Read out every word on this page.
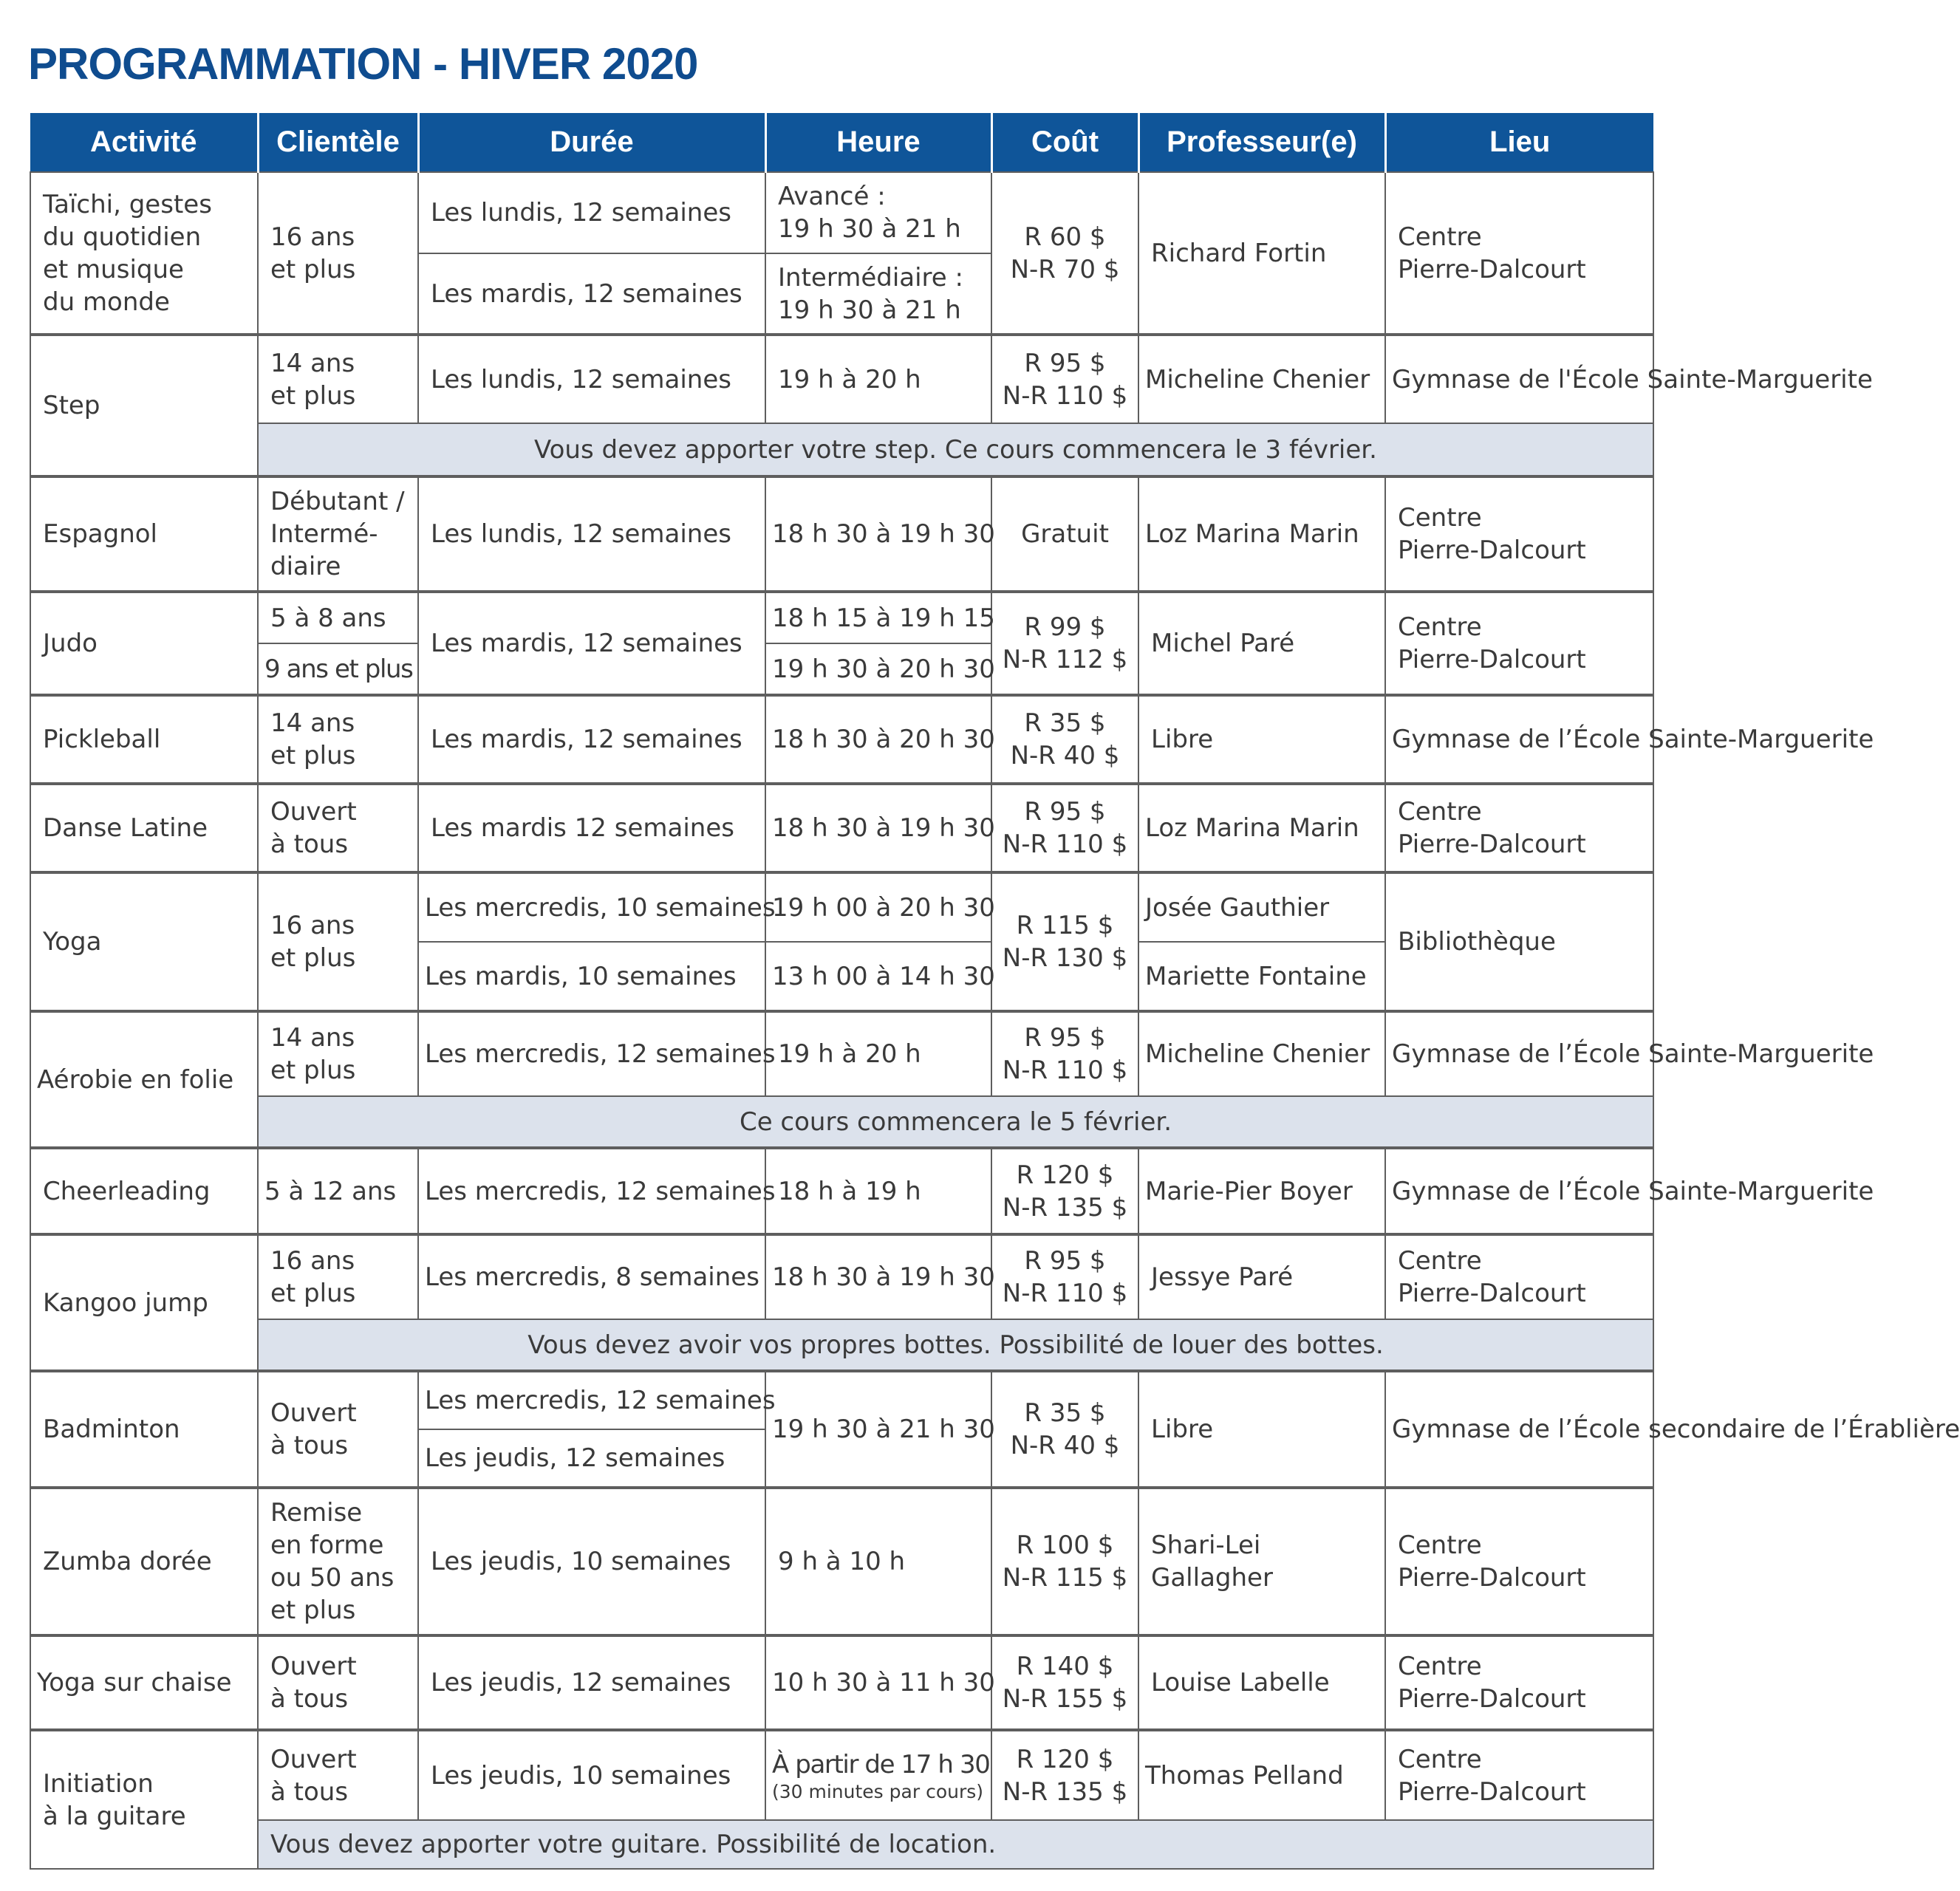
PROGRAMMATION - HIVER 2020
Activité	Clientèle	Durée	Heure	Coût	Professeur(e)	Lieu
Taïchi, gestes
du quotidien
et musique
du monde	16 ans
et plus	Les lundis, 12 semaines	Avancé :
19 h 30 à 21 h	R 60 $
N-R 70 $	Richard Fortin	Centre
Pierre-Dalcourt
		Les mardis, 12 semaines	Intermédiaire :
19 h 30 à 21 h			
Step	14 ans
et plus	Les lundis, 12 semaines	19 h à 20 h	R 95 $
N-R 110 $	Micheline Chenier	Gymnase de l'École Sainte-Marguerite
	Vous devez apporter votre step. Ce cours commencera le 3 février.					
Espagnol	Débutant /
Intermé-
diaire	Les lundis, 12 semaines	18 h 30 à 19 h 30	Gratuit	Loz Marina Marin	Centre
Pierre-Dalcourt
Judo	5 à 8 ans	Les mardis, 12 semaines	18 h 15 à 19 h 15	R 99 $
N-R 112 $	Michel Paré	Centre
Pierre-Dalcourt
	9 ans et plus		19 h 30 à 20 h 30			
Pickleball	14 ans
et plus	Les mardis, 12 semaines	18 h 30 à 20 h 30	R 35 $
N-R 40 $	Libre	Gymnase de l’École Sainte-Marguerite
Danse Latine	Ouvert
à tous	Les mardis 12 semaines	18 h 30 à 19 h 30	R 95 $
N-R 110 $	Loz Marina Marin	Centre
Pierre-Dalcourt
Yoga	16 ans
et plus	Les mercredis, 10 semaines	19 h 00 à 20 h 30	R 115 $
N-R 130 $	Josée Gauthier	Bibliothèque
		Les mardis, 10 semaines	13 h 00 à 14 h 30		Mariette Fontaine	
Aérobie en folie	14 ans
et plus	Les mercredis, 12 semaines	19 h à 20 h	R 95 $
N-R 110 $	Micheline Chenier	Gymnase de l’École Sainte-Marguerite
	Ce cours commencera le 5 février.					
Cheerleading	5 à 12 ans	Les mercredis, 12 semaines	18 h à 19 h	R 120 $
N-R 135 $	Marie-Pier Boyer	Gymnase de l’École Sainte-Marguerite
Kangoo jump	16 ans
et plus	Les mercredis, 8 semaines	18 h 30 à 19 h 30	R 95 $
N-R 110 $	Jessye Paré	Centre
Pierre-Dalcourt
	Vous devez avoir vos propres bottes. Possibilité de louer des bottes.					
Badminton	Ouvert
à tous	Les mercredis, 12 semaines	19 h 30 à 21 h 30	R 35 $
N-R 40 $	Libre	Gymnase de l’École secondaire de l’Érablière
		Les jeudis, 12 semaines				
Zumba dorée	Remise
en forme
ou 50 ans
et plus	Les jeudis, 10 semaines	9 h à 10 h	R 100 $
N-R 115 $	Shari-Lei
Gallagher	Centre
Pierre-Dalcourt
Yoga sur chaise	Ouvert
à tous	Les jeudis, 12 semaines	10 h 30 à 11 h 30	R 140 $
N-R 155 $	Louise Labelle	Centre
Pierre-Dalcourt
Initiation
à la guitare	Ouvert
à tous	Les jeudis, 10 semaines	À partir de 17 h 30
(30 minutes par cours)	R 120 $
N-R 135 $	Thomas Pelland	Centre
Pierre-Dalcourt
	Vous devez apporter votre guitare. Possibilité de location.					
